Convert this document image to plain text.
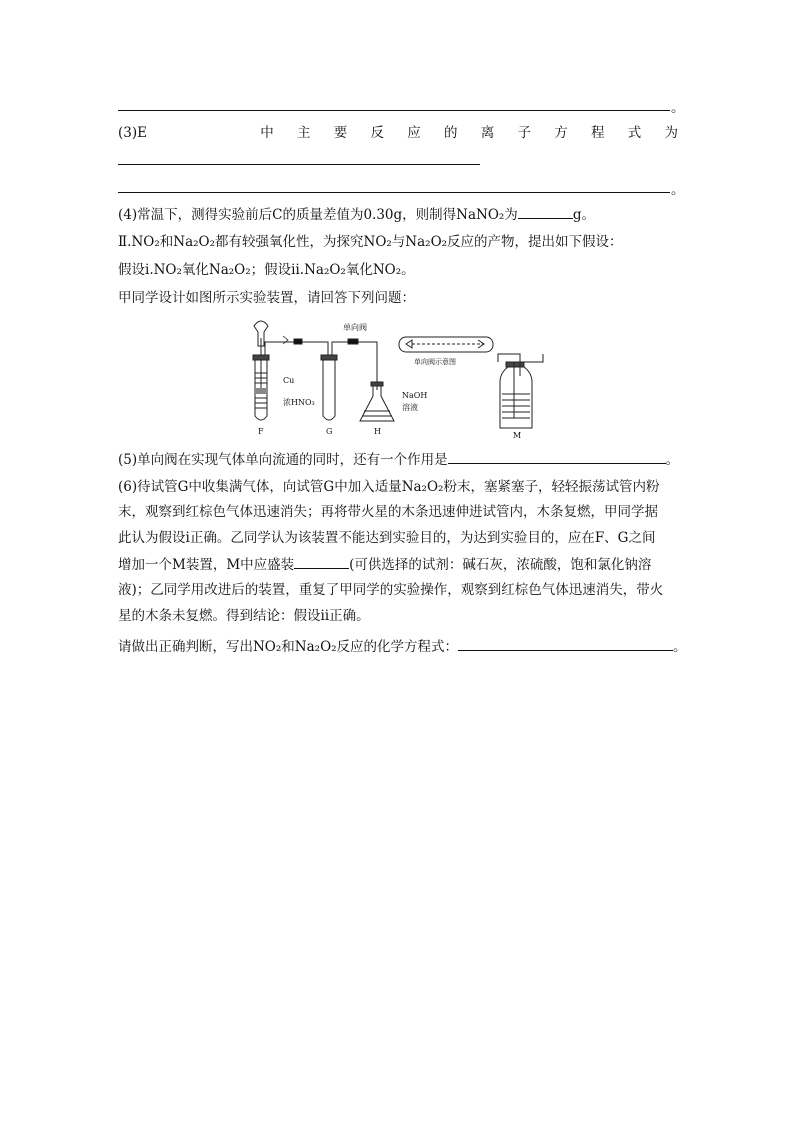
。
(3)E	中 主 要 反 应 的 离 子 方 程 式 为
。
(4)常温下，测得实验前后C的质量差值为0.30g，则制得NaNO₂为	g。
Ⅱ.NO₂和Na₂O₂都有较强氧化性，为探究NO₂与Na₂O₂反应的产物，提出如下假设：
假设ⅰ.NO₂氧化Na₂O₂；假设ⅱ.Na₂O₂氧化NO₂。
甲同学设计如图所示实验装置，请回答下列问题：
Cu
浓HNO₃
单向阀
单向阀示意图
NaOH
溶液
F	G	H	M
(5)单向阀在实现气体单向流通的同时，还有一个作用是	。
(6)待试管G中收集满气体，向试管G中加入适量Na₂O₂粉末，塞紧塞子，轻轻振荡试管内粉
末，观察到红棕色气体迅速消失；再将带火星的木条迅速伸进试管内，木条复燃，甲同学据
此认为假设ⅰ正确。乙同学认为该装置不能达到实验目的，为达到实验目的，应在F、G之间
增加一个M装置，M中应盛装	(可供选择的试剂：碱石灰，浓硫酸，饱和氯化钠溶
液)；乙同学用改进后的装置，重复了甲同学的实验操作，观察到红棕色气体迅速消失，带火
星的木条未复燃。得到结论：假设ⅱ正确。
请做出正确判断，写出NO₂和Na₂O₂反应的化学方程式：	。
